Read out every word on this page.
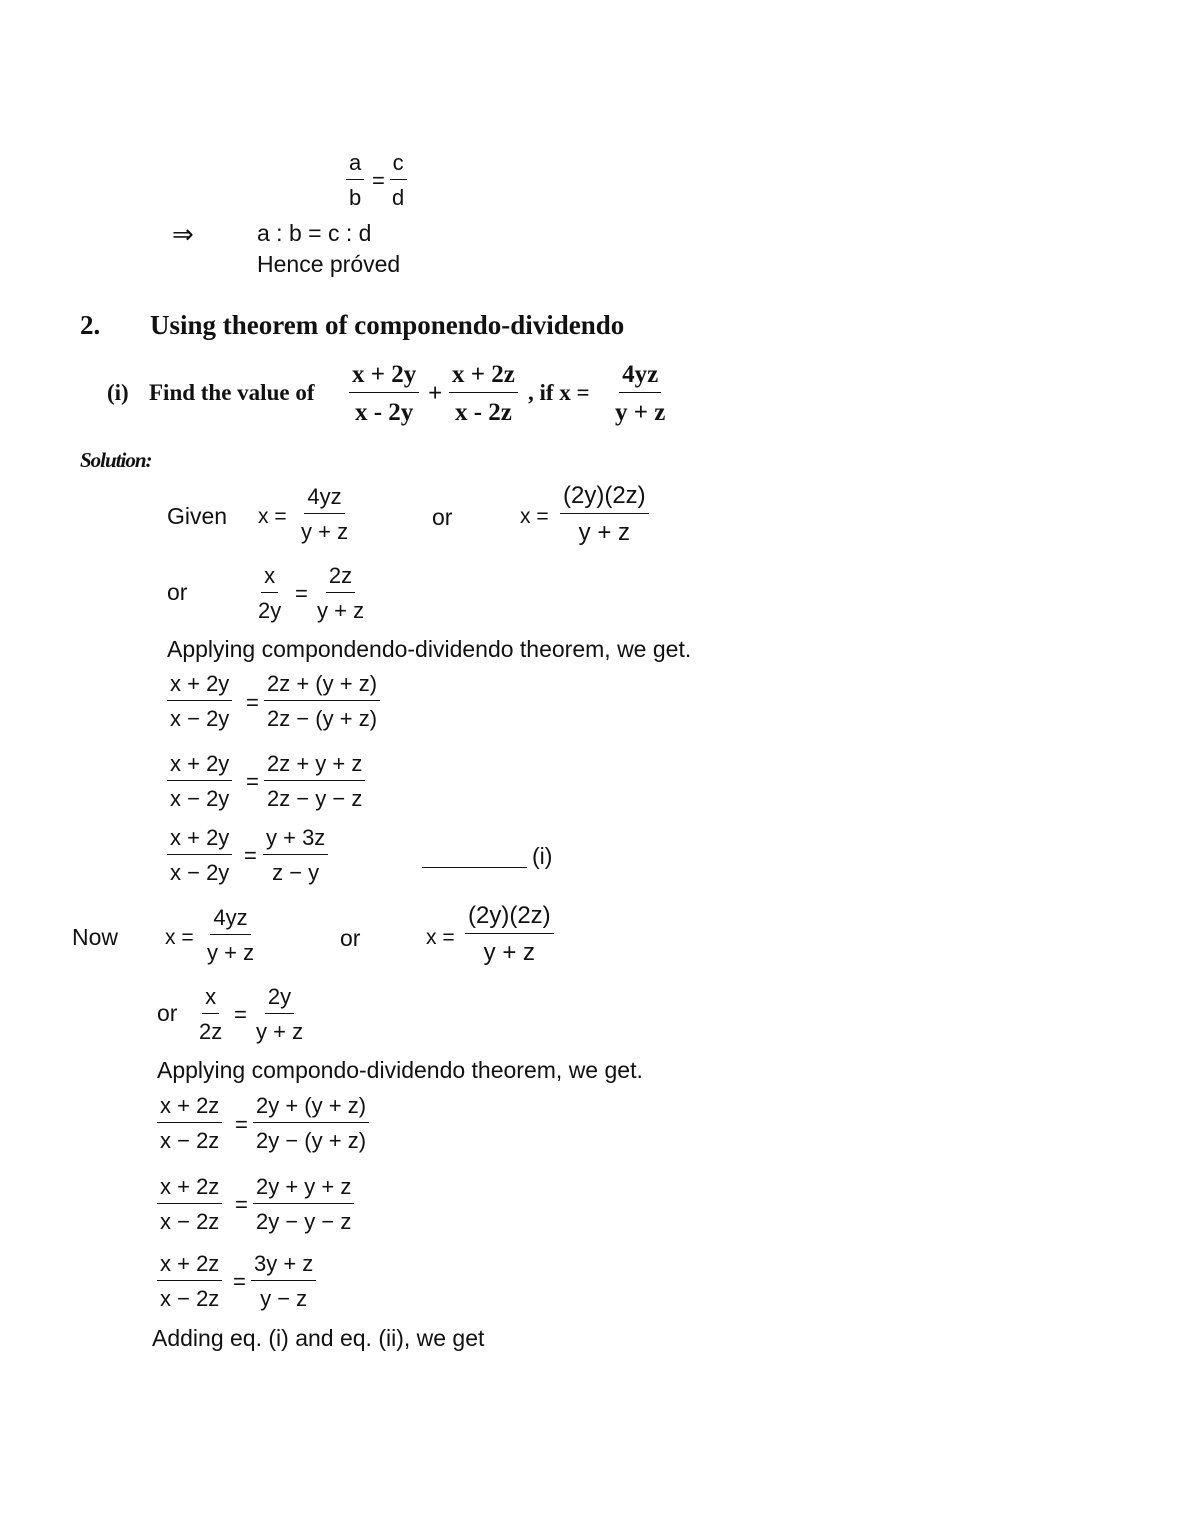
$\frac{a}{b} = \frac{c}{d}$
⇒	a : b = c : d
Hence próved
2. Using theorem of componendo-dividendo
(i) Find the value of $\frac{x + 2y}{x - 2y} + \frac{x + 2z}{x - 2z}$ , if $x = \frac{4yz}{y + z}$
Solution:
Given $x = \frac{4yz}{y + z}$	or	$x = \frac{(2y)(2z)}{y + z}$
or	$\frac{x}{2y} = \frac{2z}{y + z}$
Applying compondendo-dividendo theorem, we get.
$\frac{x + 2y}{x - 2y} = \frac{2z + (y + z)}{2z - (y + z)}$
$\frac{x + 2y}{x - 2y} = \frac{2z + y + z}{2z - y - z}$
$\frac{x + 2y}{x - 2y} = \frac{y + 3z}{z - y}$	(i)
Now $x = \frac{4yz}{y + z}$	or	$x = \frac{(2y)(2z)}{y + z}$
or $\frac{x}{2z} = \frac{2y}{y + z}$
Applying compondo-dividendo theorem, we get.
$\frac{x + 2z}{x - 2z} = \frac{2y + (y + z)}{2y - (y + z)}$
$\frac{x + 2z}{x - 2z} = \frac{2y + y + z}{2y - y - z}$
$\frac{x + 2z}{x - 2z} = \frac{3y + z}{y - z}$
Adding eq. (i) and eq. (ii), we get
